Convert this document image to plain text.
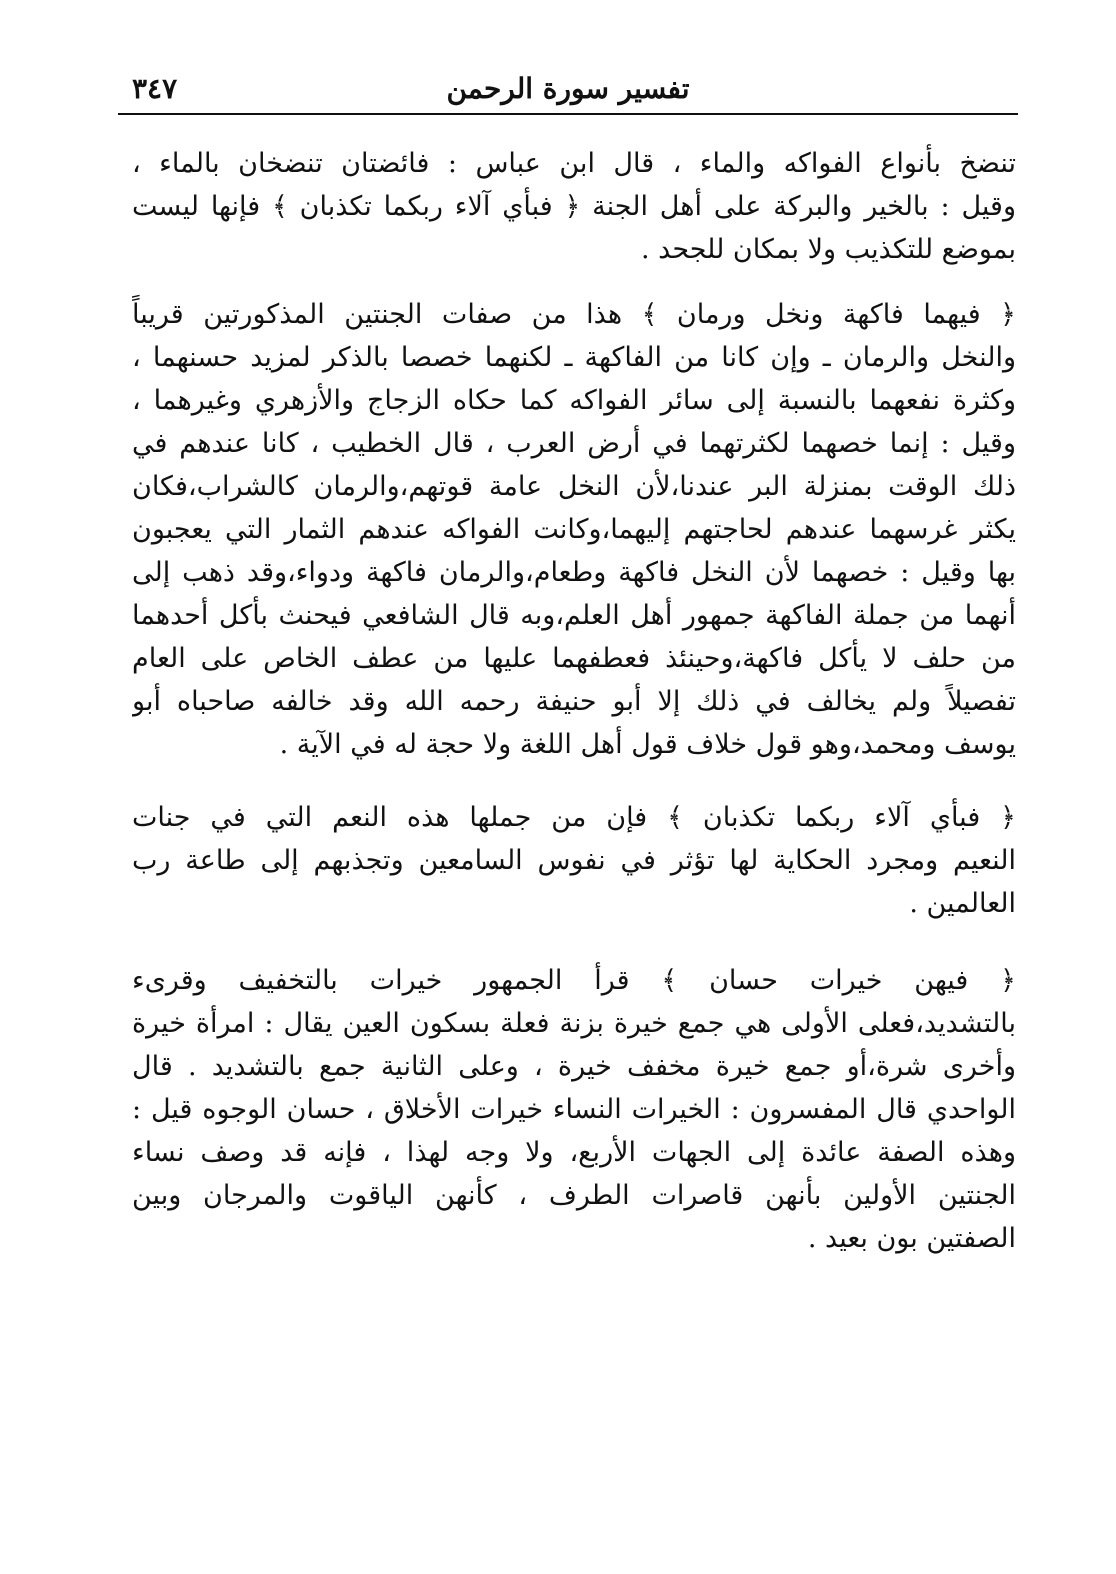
تفسير سورة الرحمن
٣٤٧
تنضخ بأنواع الفواكه والماء ، قال ابن عباس : فائضتان تنضخان بالماء ،
وقيل : بالخير والبركة على أهل الجنة ﴿ فبأي آلاء ربكما تكذبان ﴾ فإنها ليست
بموضع للتكذيب ولا بمكان للجحد .
﴿ فيهما فاكهة ونخل ورمان ﴾ هذا من صفات الجنتين المذكورتين قريباً
والنخل والرمان ـ وإن كانا من الفاكهة ـ لكنهما خصصا بالذكر لمزيد حسنهما ،
وكثرة نفعهما بالنسبة إلى سائر الفواكه كما حكاه الزجاج والأزهري وغيرهما ،
وقيل : إنما خصهما لكثرتهما في أرض العرب ، قال الخطيب ، كانا عندهم في
ذلك الوقت بمنزلة البر عندنا،لأن النخل عامة قوتهم،والرمان كالشراب،فكان
يكثر غرسهما عندهم لحاجتهم إليهما،وكانت الفواكه عندهم الثمار التي يعجبون
بها وقيل : خصهما لأن النخل فاكهة وطعام،والرمان فاكهة ودواء،وقد ذهب إلى
أنهما من جملة الفاكهة جمهور أهل العلم،وبه قال الشافعي فيحنث بأكل أحدهما
من حلف لا يأكل فاكهة،وحينئذ فعطفهما عليها من عطف الخاص على العام
تفصيلاً ولم يخالف في ذلك إلا أبو حنيفة رحمه الله وقد خالفه صاحباه أبو
يوسف ومحمد،وهو قول خلاف قول أهل اللغة ولا حجة له في الآية .
﴿ فبأي آلاء ربكما تكذبان ﴾ فإن من جملها هذه النعم التي في جنات
النعيم ومجرد الحكاية لها تؤثر في نفوس السامعين وتجذبهم إلى طاعة رب
العالمين .
﴿ فيهن خيرات حسان ﴾ قرأ الجمهور خيرات بالتخفيف وقرىء
بالتشديد،فعلى الأولى هي جمع خيرة بزنة فعلة بسكون العين يقال : امرأة خيرة
وأخرى شرة،أو جمع خيرة مخفف خيرة ، وعلى الثانية جمع بالتشديد . قال
الواحدي قال المفسرون : الخيرات النساء خيرات الأخلاق ، حسان الوجوه قيل :
وهذه الصفة عائدة إلى الجهات الأربع، ولا وجه لهذا ، فإنه قد وصف نساء
الجنتين الأولين بأنهن قاصرات الطرف ، كأنهن الياقوت والمرجان وبين
الصفتين بون بعيد .
